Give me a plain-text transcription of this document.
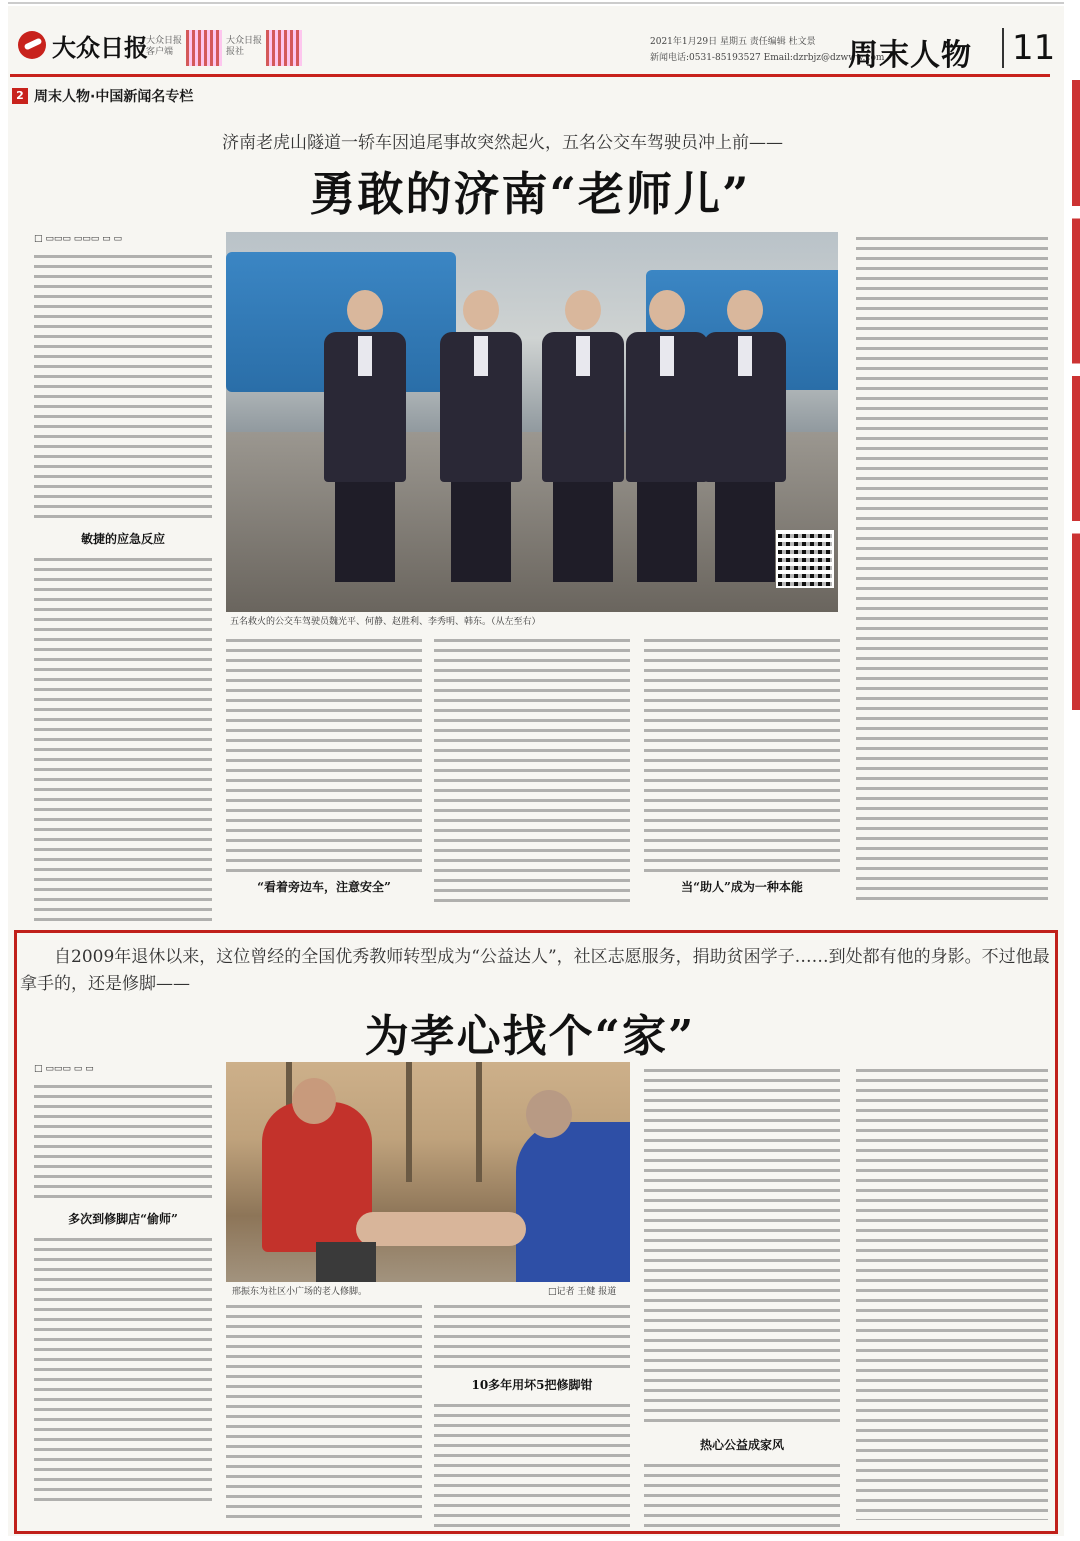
大众日报
大众日报 客户端
大众日报 报社
2021年1月29日 星期五 责任编辑 杜文景
新闻电话:0531-85193527 Email:dzrbjz@dzwww.com
周末人物 11
2 周末人物·中国新闻名专栏
济南老虎山隧道一轿车因追尾事故突然起火，五名公交车驾驶员冲上前——
勇敢的济南“老师儿”
□ ▭▭▭ ▭▭▭ ▭ ▭
敏捷的应急反应
五名救火的公交车驾驶员魏光平、何静、赵胜利、李秀明、韩东。（从左至右）
“看着旁边车，注意安全”	当“助人”成为一种本能
自2009年退休以来，这位曾经的全国优秀教师转型成为“公益达人”，社区志愿服务，捐助贫困学子……到处都有他的身影。不过他最拿手的，还是修脚——
为孝心找个“家”
□ ▭▭▭ ▭ ▭
多次到修脚店“偷师”
邢振东为社区小广场的老人修脚。	□记者 王健 报道
10多年用坏5把修脚钳
热心公益成家风
